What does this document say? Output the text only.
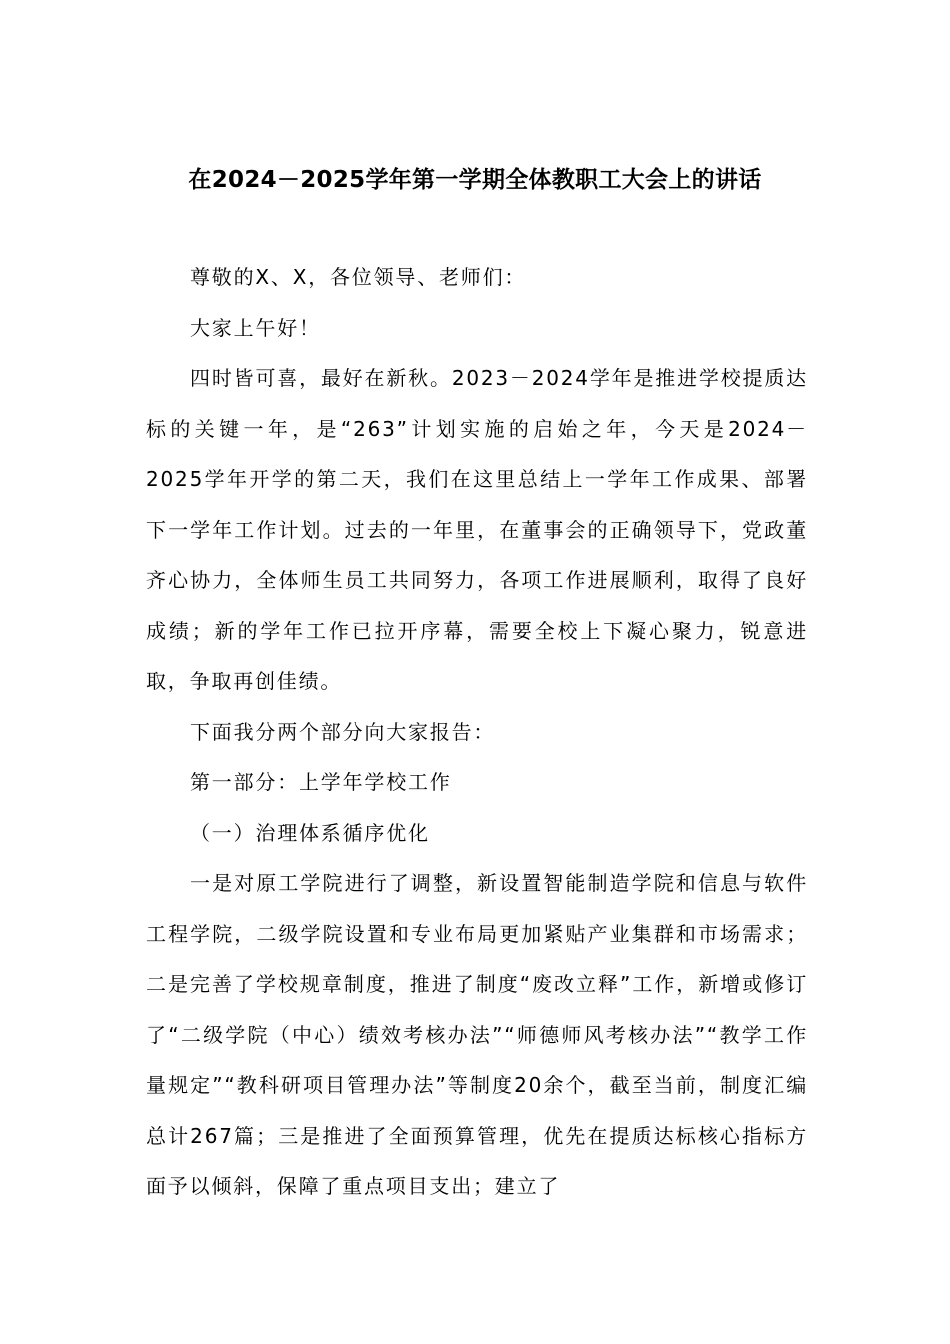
在2024－2025学年第一学期全体教职工大会上的讲话

尊敬的X、X，各位领导、老师们：

大家上午好！

四时皆可喜，最好在新秋。2023－2024学年是推进学校提质达标的关键一年，是“263”计划实施的启始之年，今天是2024－2025学年开学的第二天，我们在这里总结上一学年工作成果、部署下一学年工作计划。过去的一年里，在董事会的正确领导下，党政董齐心协力，全体师生员工共同努力，各项工作进展顺利，取得了良好成绩；新的学年工作已拉开序幕，需要全校上下凝心聚力，锐意进取，争取再创佳绩。

下面我分两个部分向大家报告：

第一部分：上学年学校工作

（一）治理体系循序优化

一是对原工学院进行了调整，新设置智能制造学院和信息与软件工程学院，二级学院设置和专业布局更加紧贴产业集群和市场需求；二是完善了学校规章制度，推进了制度“废改立释”工作，新增或修订了“二级学院（中心）绩效考核办法”“师德师风考核办法”“教学工作量规定”“教科研项目管理办法”等制度20余个，截至当前，制度汇编总计267篇；三是推进了全面预算管理，优先在提质达标核心指标方面予以倾斜，保障了重点项目支出；建立了
